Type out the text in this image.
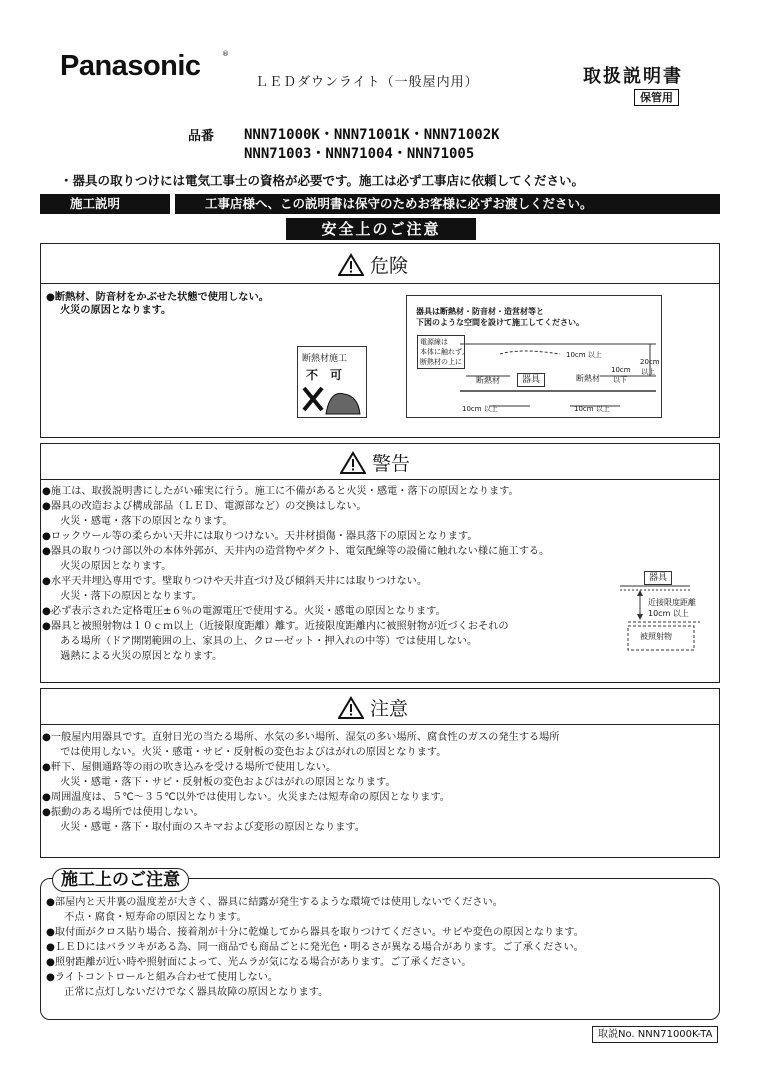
Panasonic	®
ＬＥＤダウンライト（一般屋内用）	取扱説明書
保管用
品番 NNN71000K・NNN71001K・NNN71002K
NNN71003・NNN71004・NNN71005
・器具の取りつけには電気工事士の資格が必要です。施工は必ず工事店に依頼してください。
施工説明	工事店様へ、この説明書は保守のためお客様に必ずお渡しください。
安全上のご注意
危険
●断熱材、防音材をかぶせた状態で使用しない。
火災の原因となります。
断熱材施工
不　可
器具は断熱材・防音材・造営材等と
下図のような空間を設けて施工してください。
電源線は
本体に触れず,
断熱材の上に
10cm 以上
20cm
以上
10cm
以下
断熱材	器具	断熱材
10cm 以上	10cm 以上
警告
●施工は、取扱説明書にしたがい確実に行う。施工に不備があると火災・感電・落下の原因となります。
●器具の改造および構成部品（ＬＥＤ、電源部など）の交換はしない。
　火災・感電・落下の原因となります。
●ロックウール等の柔らかい天井には取りつけない。天井材損傷・器具落下の原因となります。
●器具の取りつけ部以外の本体外郭が、天井内の造営物やダクト、電気配線等の設備に触れない様に施工する。
　火災の原因となります。
●水平天井埋込専用です。壁取りつけや天井直づけ及び傾斜天井には取りつけない。
　火災・落下の原因となります。
●必ず表示された定格電圧±６％の電源電圧で使用する。火災・感電の原因となります。
●器具と被照射物は１０ｃｍ以上（近接限度距離）離す。近接限度距離内に被照射物が近づくおそれの
　ある場所（ドア開閉範囲の上、家具の上、クローゼット・押入れの中等）では使用しない。
　過熱による火災の原因となります。
器具
近接限度距離
10cm 以上
被照射物
注意
●一般屋内用器具です。直射日光の当たる場所、水気の多い場所、湿気の多い場所、腐食性のガスの発生する場所
　では使用しない。火災・感電・サビ・反射板の変色およびはがれの原因となります。
●軒下、屋側通路等の雨の吹き込みを受ける場所で使用しない。
　火災・感電・落下・サビ・反射板の変色およびはがれの原因となります。
●周囲温度は、５℃～３５℃以外では使用しない。火災または短寿命の原因となります。
●振動のある場所では使用しない。
　火災・感電・落下・取付面のスキマおよび変形の原因となります。
施工上のご注意
●部屋内と天井裏の温度差が大きく、器具に結露が発生するような環境では使用しないでください。
　不点・腐食・短寿命の原因となります。
●取付面がクロス貼り場合、接着剤が十分に乾燥してから器具を取りつけてください。サビや変色の原因となります。
●ＬＥＤにはバラツキがある為、同一商品でも商品ごとに発光色・明るさが異なる場合があります。ご了承ください。
●照射距離が近い時や照射面によって、光ムラが気になる場合があります。ご了承ください。
●ライトコントロールと組み合わせて使用しない。
　正常に点灯しないだけでなく器具故障の原因となります。
取説No. NNN71000K-TA
